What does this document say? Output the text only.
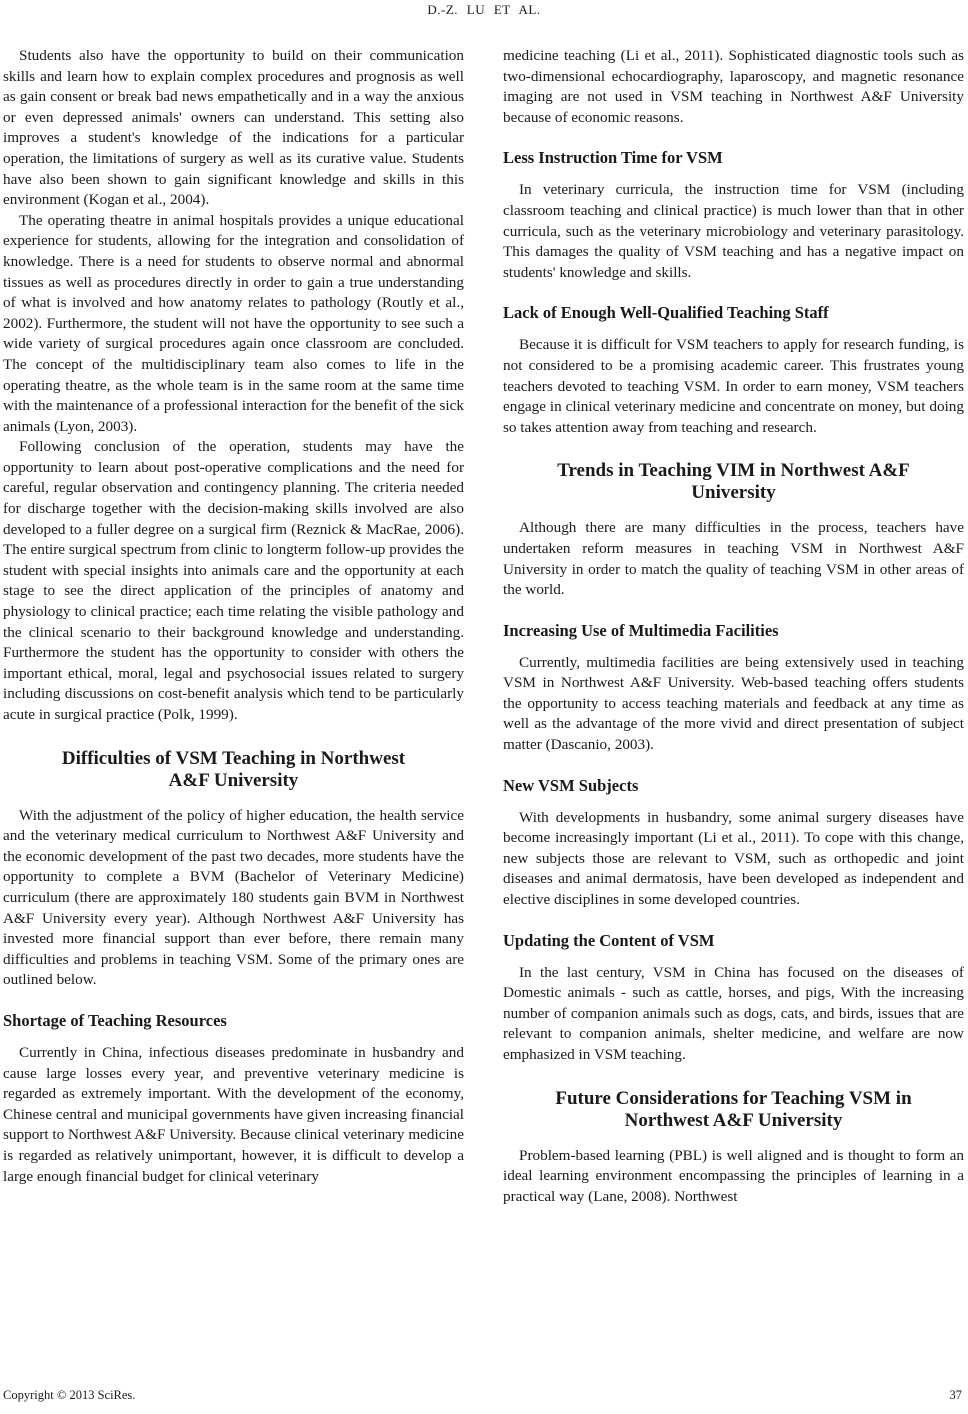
D.-Z. LU ET AL.

Students also have the opportunity to build on their communication skills and learn how to explain complex procedures and prognosis as well as gain consent or break bad news empathetically and in a way the anxious or even depressed animals' owners can understand. This setting also improves a student's knowledge of the indications for a particular operation, the limitations of surgery as well as its curative value. Students have also been shown to gain significant knowledge and skills in this environment (Kogan et al., 2004).

The operating theatre in animal hospitals provides a unique educational experience for students, allowing for the integration and consolidation of knowledge. There is a need for students to observe normal and abnormal tissues as well as procedures directly in order to gain a true understanding of what is involved and how anatomy relates to pathology (Routly et al., 2002). Furthermore, the student will not have the opportunity to see such a wide variety of surgical procedures again once classroom are concluded. The concept of the multidisciplinary team also comes to life in the operating theatre, as the whole team is in the same room at the same time with the maintenance of a professional interaction for the benefit of the sick animals (Lyon, 2003).

Following conclusion of the operation, students may have the opportunity to learn about post-operative complications and the need for careful, regular observation and contingency planning. The criteria needed for discharge together with the decision-making skills involved are also developed to a fuller degree on a surgical firm (Reznick & MacRae, 2006). The entire surgical spectrum from clinic to longterm follow-up provides the student with special insights into animals care and the opportunity at each stage to see the direct application of the principles of anatomy and physiology to clinical practice; each time relating the visible pathology and the clinical scenario to their background knowledge and understanding. Furthermore the student has the opportunity to consider with others the important ethical, moral, legal and psychosocial issues related to surgery including discussions on cost-benefit analysis which tend to be particularly acute in surgical practice (Polk, 1999).

Difficulties of VSM Teaching in Northwest
A&F University

With the adjustment of the policy of higher education, the health service and the veterinary medical curriculum to Northwest A&F University and the economic development of the past two decades, more students have the opportunity to complete a BVM (Bachelor of Veterinary Medicine) curriculum (there are approximately 180 students gain BVM in Northwest A&F University every year). Although Northwest A&F University has invested more financial support than ever before, there remain many difficulties and problems in teaching VSM. Some of the primary ones are outlined below.

Shortage of Teaching Resources

Currently in China, infectious diseases predominate in husbandry and cause large losses every year, and preventive veterinary medicine is regarded as extremely important. With the development of the economy, Chinese central and municipal governments have given increasing financial support to Northwest A&F University. Because clinical veterinary medicine is regarded as relatively unimportant, however, it is difficult to develop a large enough financial budget for clinical veterinary

medicine teaching (Li et al., 2011). Sophisticated diagnostic tools such as two-dimensional echocardiography, laparoscopy, and magnetic resonance imaging are not used in VSM teaching in Northwest A&F University because of economic reasons.

Less Instruction Time for VSM

In veterinary curricula, the instruction time for VSM (including classroom teaching and clinical practice) is much lower than that in other curricula, such as the veterinary microbiology and veterinary parasitology. This damages the quality of VSM teaching and has a negative impact on students' knowledge and skills.

Lack of Enough Well-Qualified Teaching Staff

Because it is difficult for VSM teachers to apply for research funding, is not considered to be a promising academic career. This frustrates young teachers devoted to teaching VSM. In order to earn money, VSM teachers engage in clinical veterinary medicine and concentrate on money, but doing so takes attention away from teaching and research.

Trends in Teaching VIM in Northwest A&F
University

Although there are many difficulties in the process, teachers have undertaken reform measures in teaching VSM in Northwest A&F University in order to match the quality of teaching VSM in other areas of the world.

Increasing Use of Multimedia Facilities

Currently, multimedia facilities are being extensively used in teaching VSM in Northwest A&F University. Web-based teaching offers students the opportunity to access teaching materials and feedback at any time as well as the advantage of the more vivid and direct presentation of subject matter (Dascanio, 2003).

New VSM Subjects

With developments in husbandry, some animal surgery diseases have become increasingly important (Li et al., 2011). To cope with this change, new subjects those are relevant to VSM, such as orthopedic and joint diseases and animal dermatosis, have been developed as independent and elective disciplines in some developed countries.

Updating the Content of VSM

In the last century, VSM in China has focused on the diseases of Domestic animals - such as cattle, horses, and pigs, With the increasing number of companion animals such as dogs, cats, and birds, issues that are relevant to companion animals, shelter medicine, and welfare are now emphasized in VSM teaching.

Future Considerations for Teaching VSM in
Northwest A&F University

Problem-based learning (PBL) is well aligned and is thought to form an ideal learning environment encompassing the principles of learning in a practical way (Lane, 2008). Northwest

Copyright © 2013 SciRes.	37
